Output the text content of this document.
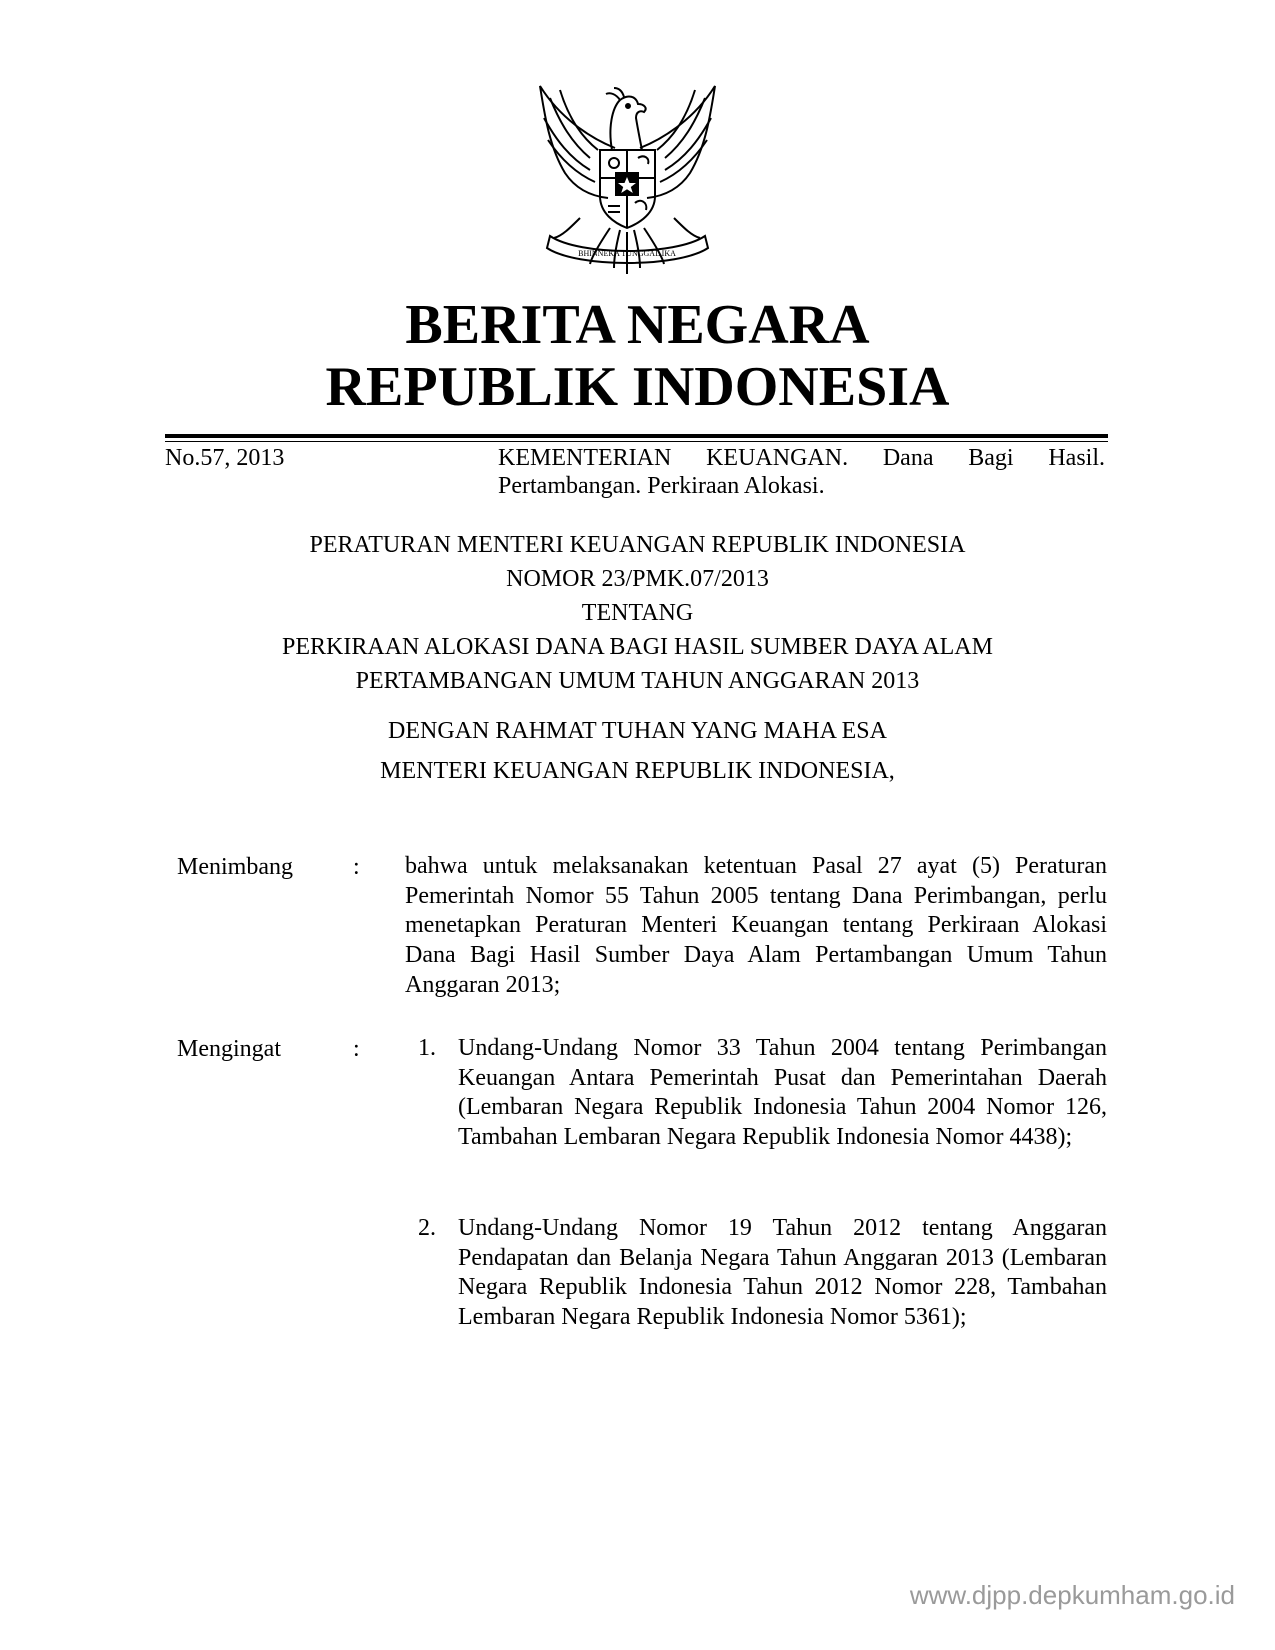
BHINNEKA TUNGGAL IKA
BERITA NEGARA
REPUBLIK INDONESIA
No.57, 2013	KEMENTERIAN KEUANGAN. Dana Bagi Hasil. Pertambangan. Perkiraan Alokasi.
PERATURAN MENTERI KEUANGAN REPUBLIK INDONESIA
NOMOR 23/PMK.07/2013
TENTANG
PERKIRAAN ALOKASI DANA BAGI HASIL SUMBER DAYA ALAM
PERTAMBANGAN UMUM TAHUN ANGGARAN 2013
DENGAN RAHMAT TUHAN YANG MAHA ESA
MENTERI KEUANGAN REPUBLIK INDONESIA,
Menimbang	: bahwa untuk melaksanakan ketentuan Pasal 27 ayat (5) Peraturan Pemerintah Nomor 55 Tahun 2005 tentang Dana Perimbangan, perlu menetapkan Peraturan Menteri Keuangan tentang Perkiraan Alokasi Dana Bagi Hasil Sumber Daya Alam Pertambangan Umum Tahun Anggaran 2013;
Mengingat	:	1. Undang-Undang Nomor 33 Tahun 2004 tentang Perimbangan Keuangan Antara Pemerintah Pusat dan Pemerintahan Daerah (Lembaran Negara Republik Indonesia Tahun 2004 Nomor 126, Tambahan Lembaran Negara Republik Indonesia Nomor 4438);
2. Undang-Undang Nomor 19 Tahun 2012 tentang Anggaran Pendapatan dan Belanja Negara Tahun Anggaran 2013 (Lembaran Negara Republik Indonesia Tahun 2012 Nomor 228, Tambahan Lembaran Negara Republik Indonesia Nomor 5361);
www.djpp.depkumham.go.id
